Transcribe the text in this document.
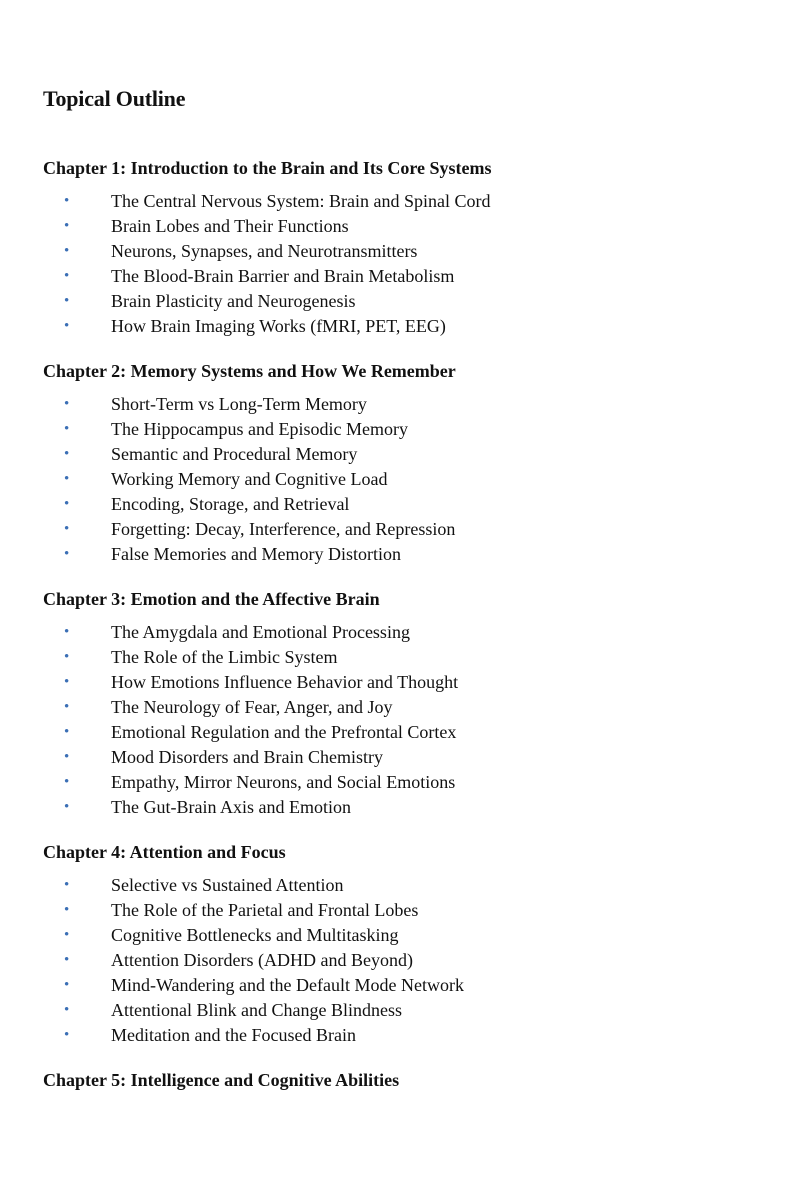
Topical Outline
Chapter 1: Introduction to the Brain and Its Core Systems
• The Central Nervous System: Brain and Spinal Cord
• Brain Lobes and Their Functions
• Neurons, Synapses, and Neurotransmitters
• The Blood-Brain Barrier and Brain Metabolism
• Brain Plasticity and Neurogenesis
• How Brain Imaging Works (fMRI, PET, EEG)
Chapter 2: Memory Systems and How We Remember
• Short-Term vs Long-Term Memory
• The Hippocampus and Episodic Memory
• Semantic and Procedural Memory
• Working Memory and Cognitive Load
• Encoding, Storage, and Retrieval
• Forgetting: Decay, Interference, and Repression
• False Memories and Memory Distortion
Chapter 3: Emotion and the Affective Brain
• The Amygdala and Emotional Processing
• The Role of the Limbic System
• How Emotions Influence Behavior and Thought
• The Neurology of Fear, Anger, and Joy
• Emotional Regulation and the Prefrontal Cortex
• Mood Disorders and Brain Chemistry
• Empathy, Mirror Neurons, and Social Emotions
• The Gut-Brain Axis and Emotion
Chapter 4: Attention and Focus
• Selective vs Sustained Attention
• The Role of the Parietal and Frontal Lobes
• Cognitive Bottlenecks and Multitasking
• Attention Disorders (ADHD and Beyond)
• Mind-Wandering and the Default Mode Network
• Attentional Blink and Change Blindness
• Meditation and the Focused Brain
Chapter 5: Intelligence and Cognitive Abilities
